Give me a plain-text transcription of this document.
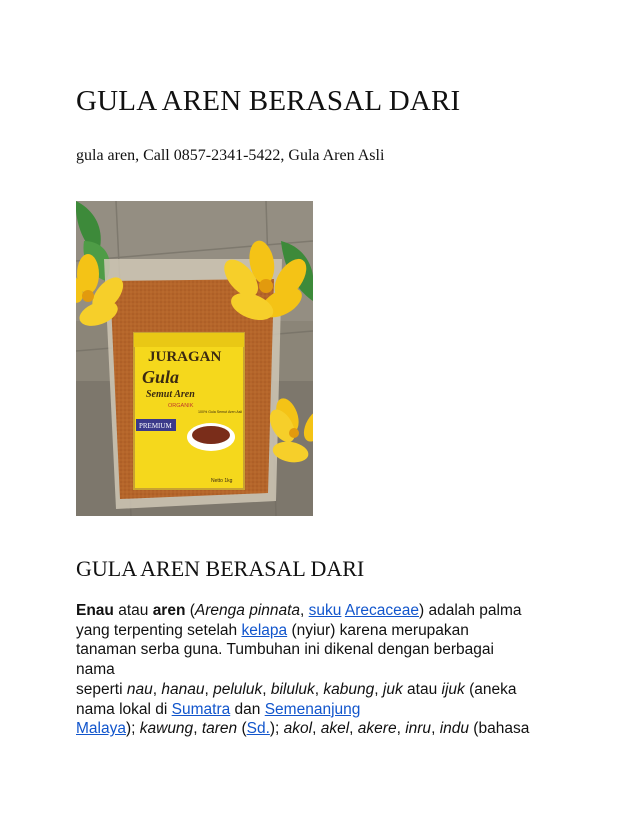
GULA AREN BERASAL DARI

gula aren, Call 0857-2341-5422, Gula Aren Asli

JURAGAN
Gula
Semut Aren
ORGANIK
PREMIUM
100% Gula Semut Aren Asli
Netto 1kg
GULA AREN BERASAL DARI

Enau atau aren (Arenga pinnata, suku Arecaceae) adalah palma

yang terpenting setelah kelapa (nyiur) karena merupakan

tanaman serba guna. Tumbuhan ini dikenal dengan berbagai

nama

seperti nau, hanau, peluluk, biluluk, kabung, juk atau ijuk (aneka

nama lokal di Sumatra dan Semenanjung

Malaya); kawung, taren (Sd.); akol, akel, akere, inru, indu (bahasa
